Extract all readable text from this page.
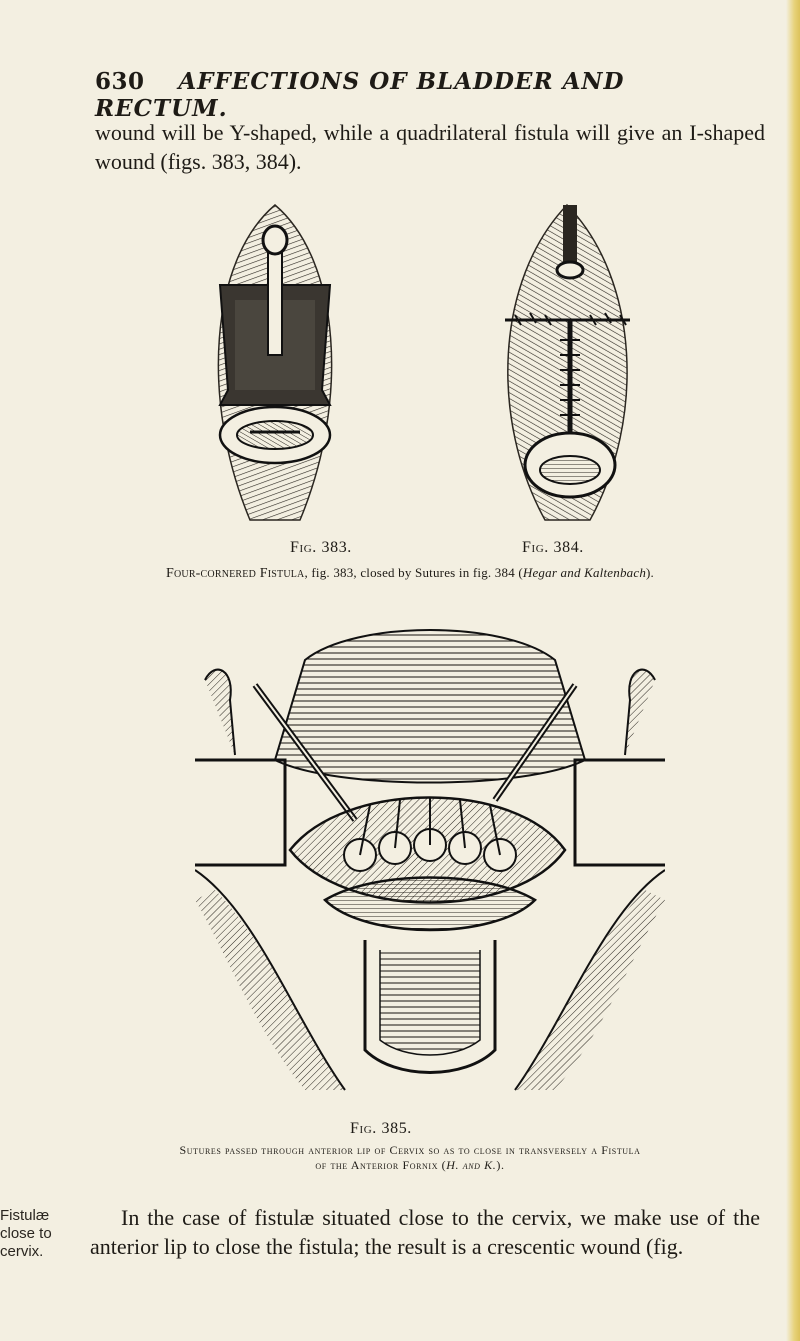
630 AFFECTIONS OF BLADDER AND RECTUM.
wound will be Y-shaped, while a quadrilateral fistula will give an I-shaped wound (figs. 383, 384).
Fig. 383.	Fig. 384.
Four-cornered Fistula, fig. 383, closed by Sutures in fig. 384 (Hegar and Kaltenbach).
Fig. 385.
Sutures passed through anterior lip of Cervix so as to close in transversely a Fistula
of the Anterior Fornix (H. and K.).
Fistulæ close to cervix.
In the case of fistulæ situated close to the cervix, we make use of the anterior lip to close the fistula; the result is a crescentic wound (fig.
